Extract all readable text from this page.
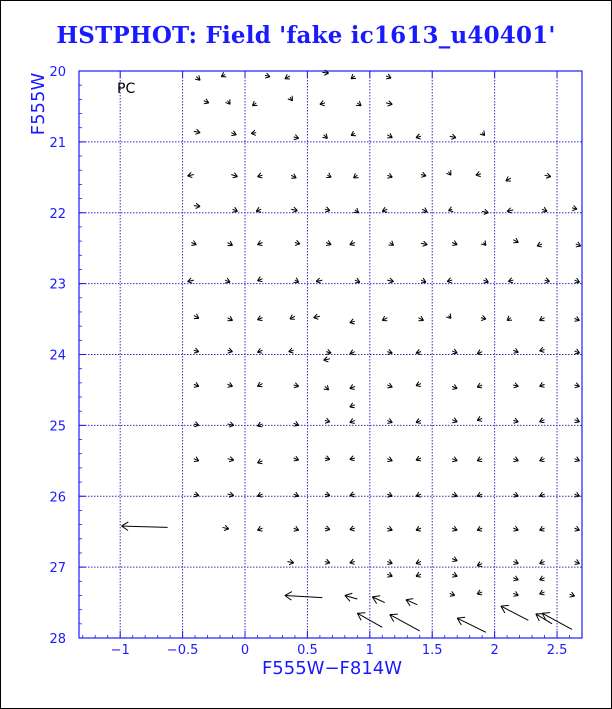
HSTPHOT: Field 'fake ic1613_u40401'
−1	−0.5	0	0.5	1	1.5	2	2.5
20
21
22
23
24
25
26
27
28
PC
F555W−F814W
F555W
